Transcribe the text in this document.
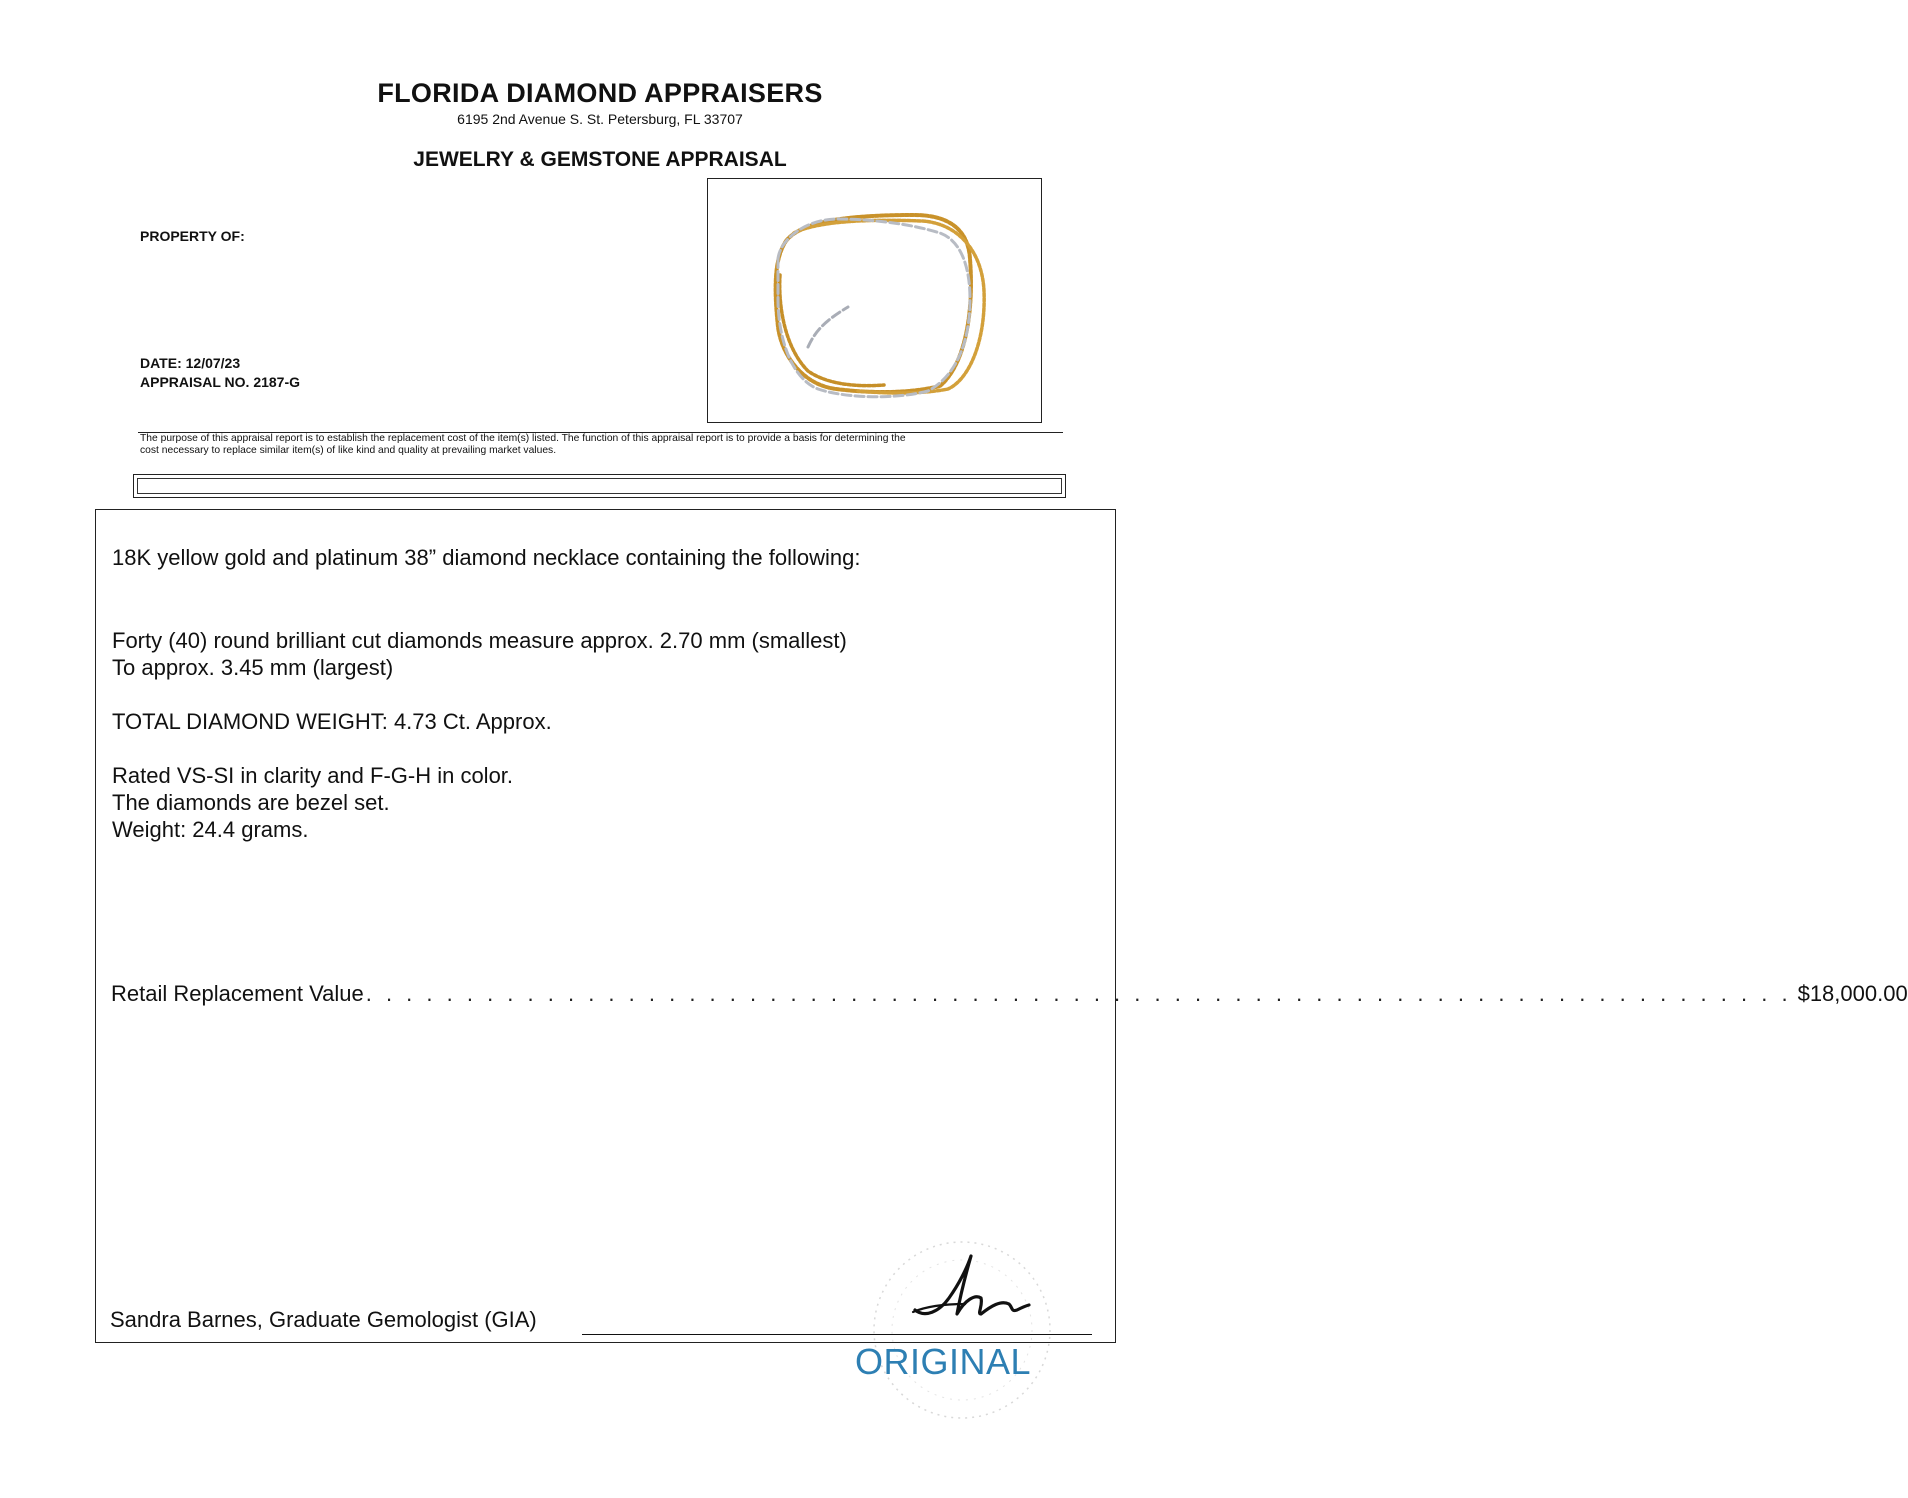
FLORIDA DIAMOND APPRAISERS
6195 2nd Avenue S. St. Petersburg, FL 33707
JEWELRY & GEMSTONE APPRAISAL
PROPERTY OF:
DATE: 12/07/23
APPRAISAL NO. 2187-G
The purpose of this appraisal report is to establish the replacement cost of the item(s) listed. The function of this appraisal report is to provide a basis for determining the
cost necessary to replace similar item(s) of like kind and quality at prevailing market values.
18K yellow gold and platinum 38” diamond necklace containing the following:
Forty (40) round brilliant cut diamonds measure approx. 2.70 mm (smallest)
To approx. 3.45 mm (largest)
TOTAL DIAMOND WEIGHT: 4.73 Ct. Approx.
Rated VS-SI in clarity and F-G-H in color.
The diamonds are bezel set.
Weight: 24.4 grams.
Retail Replacement Value . . . . . . . . . . . . . . . . . . . . . . . . . . . . . . . . . . . . . . . . . . . . . . . . . . . . . . . . . . . . . . . . . . . . . . . $18,000.00
Sandra Barnes, Graduate Gemologist (GIA)
ORIGINAL
